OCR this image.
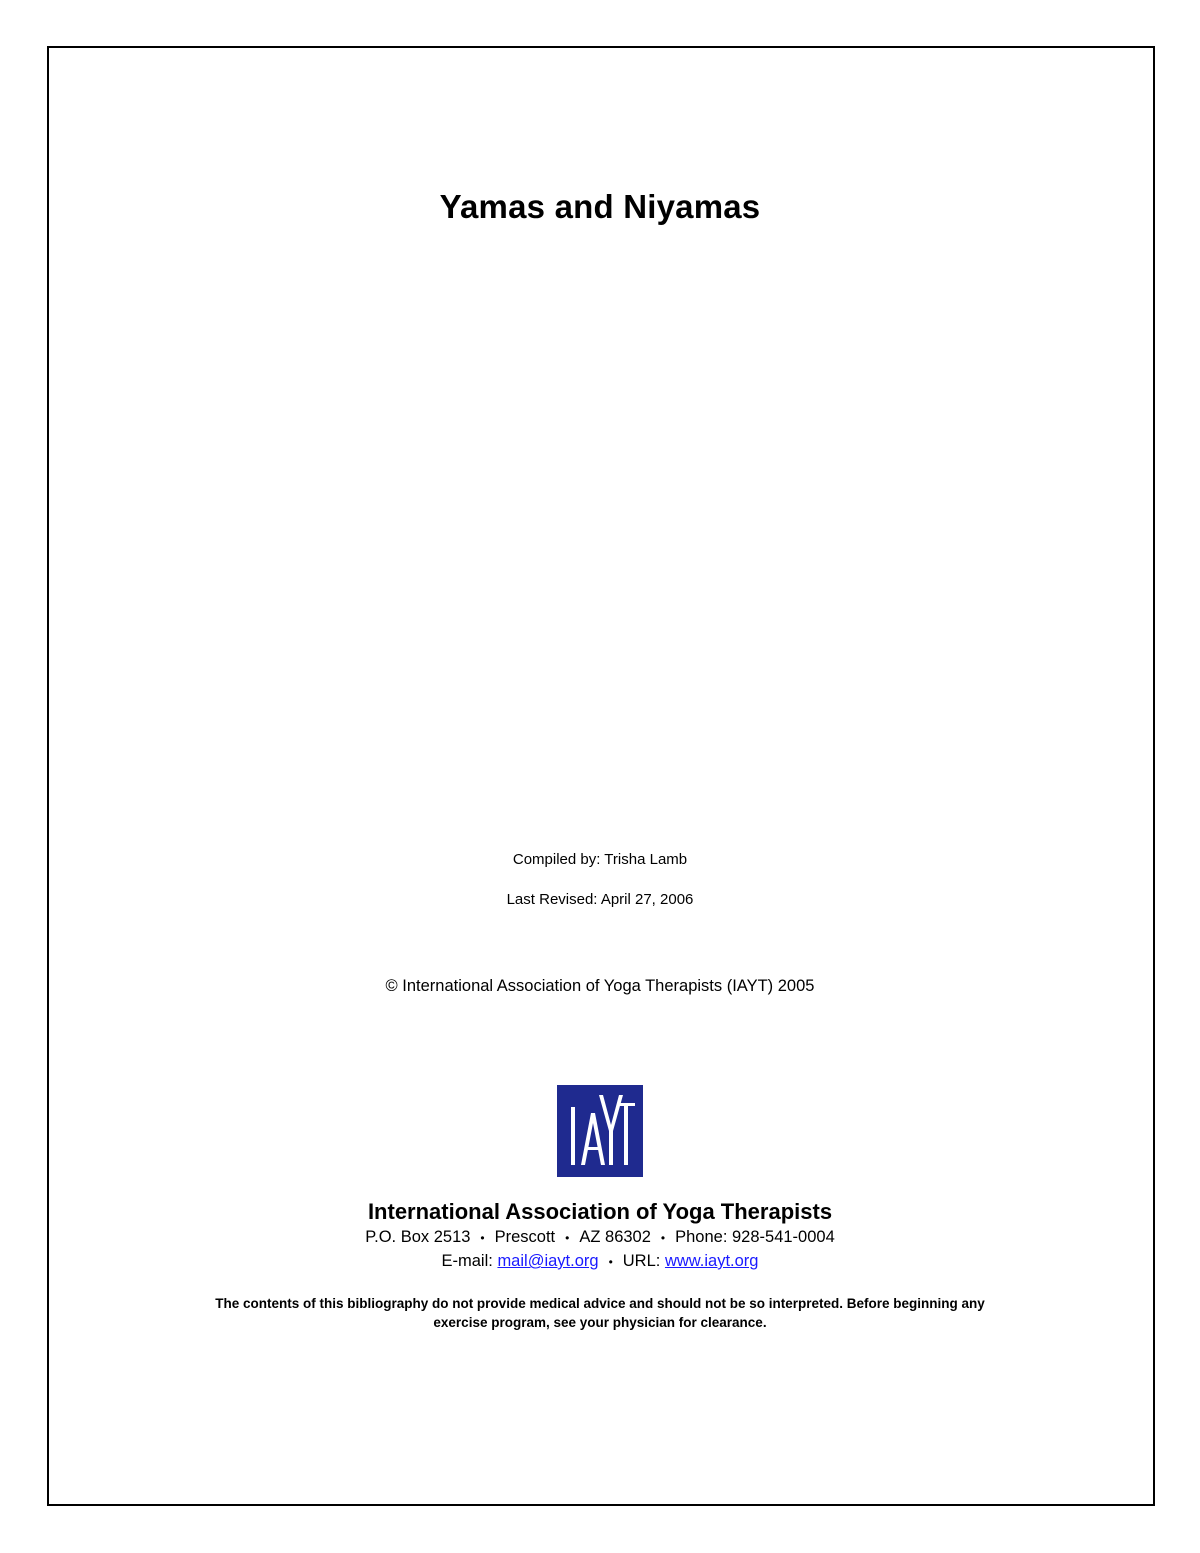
Yamas and Niyamas
Compiled by: Trisha Lamb
Last Revised: April 27, 2006
© International Association of Yoga Therapists (IAYT) 2005
International Association of Yoga Therapists
P.O. Box 2513 • Prescott • AZ 86302 • Phone: 928-541-0004
E-mail: mail@iayt.org • URL: www.iayt.org
The contents of this bibliography do not provide medical advice and should not be so interpreted. Before beginning any exercise program, see your physician for clearance.
